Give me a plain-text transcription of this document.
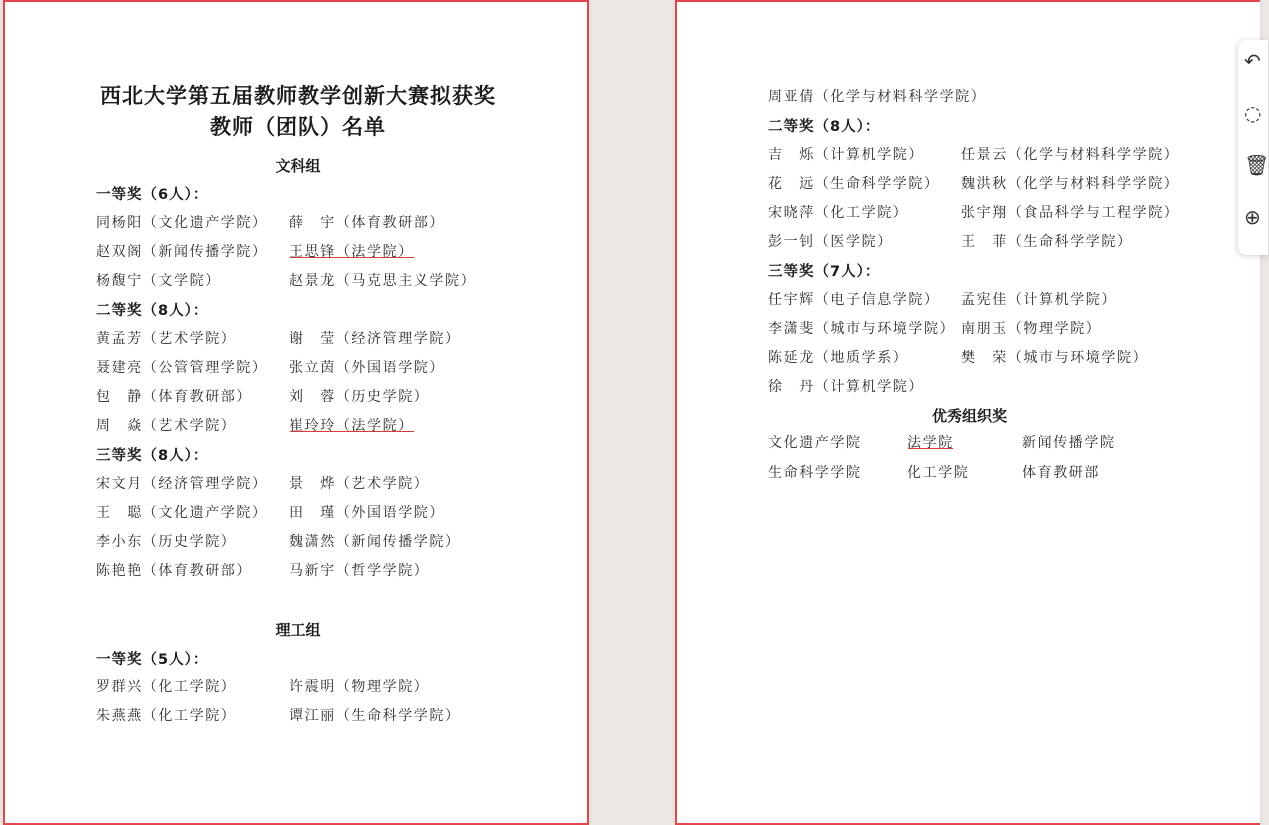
西北大学第五届教师教学创新大赛拟获奖
教师（团队）名单
文科组
一等奖（6人）：
同杨阳（文化遗产学院） 薛　宇（体育教研部）
赵双阁（新闻传播学院） 王思锋（法学院）
杨馥宁（文学院）	赵景龙（马克思主义学院）
二等奖（8人）：
黄孟芳（艺术学院）	谢　莹（经济管理学院）
聂建亮（公管管理学院） 张立茵（外国语学院）
包　静（体育教研部）	刘　蓉（历史学院）
周　焱（艺术学院）	崔玲玲（法学院）
三等奖（8人）：
宋文月（经济管理学院） 景　烨（艺术学院）
王　聪（文化遗产学院） 田　瑾（外国语学院）
李小东（历史学院）	魏潇然（新闻传播学院）
陈艳艳（体育教研部）	马新宇（哲学学院）
理工组
一等奖（5人）：
罗群兴（化工学院）	许震明（物理学院）
朱燕燕（化工学院）	谭江丽（生命科学学院）
周亚倩（化学与材料科学学院）
二等奖（8人）：
吉　烁（计算机学院）	任景云（化学与材料科学学院）
花　远（生命科学学院） 魏洪秋（化学与材料科学学院）
宋晓萍（化工学院）	张宇翔（食品科学与工程学院）
彭一钊（医学院）	王　菲（生命科学学院）
三等奖（7人）：
任宇辉（电子信息学院） 孟宪佳（计算机学院）
李潇斐（城市与环境学院） 南朋玉（物理学院）
陈延龙（地质学系）	樊　荣（城市与环境学院）
徐　丹（计算机学院）
优秀组织奖
文化遗产学院	法学院	新闻传播学院
生命科学学院	化工学院	体育教研部
↶
◌
🗑
⊕
